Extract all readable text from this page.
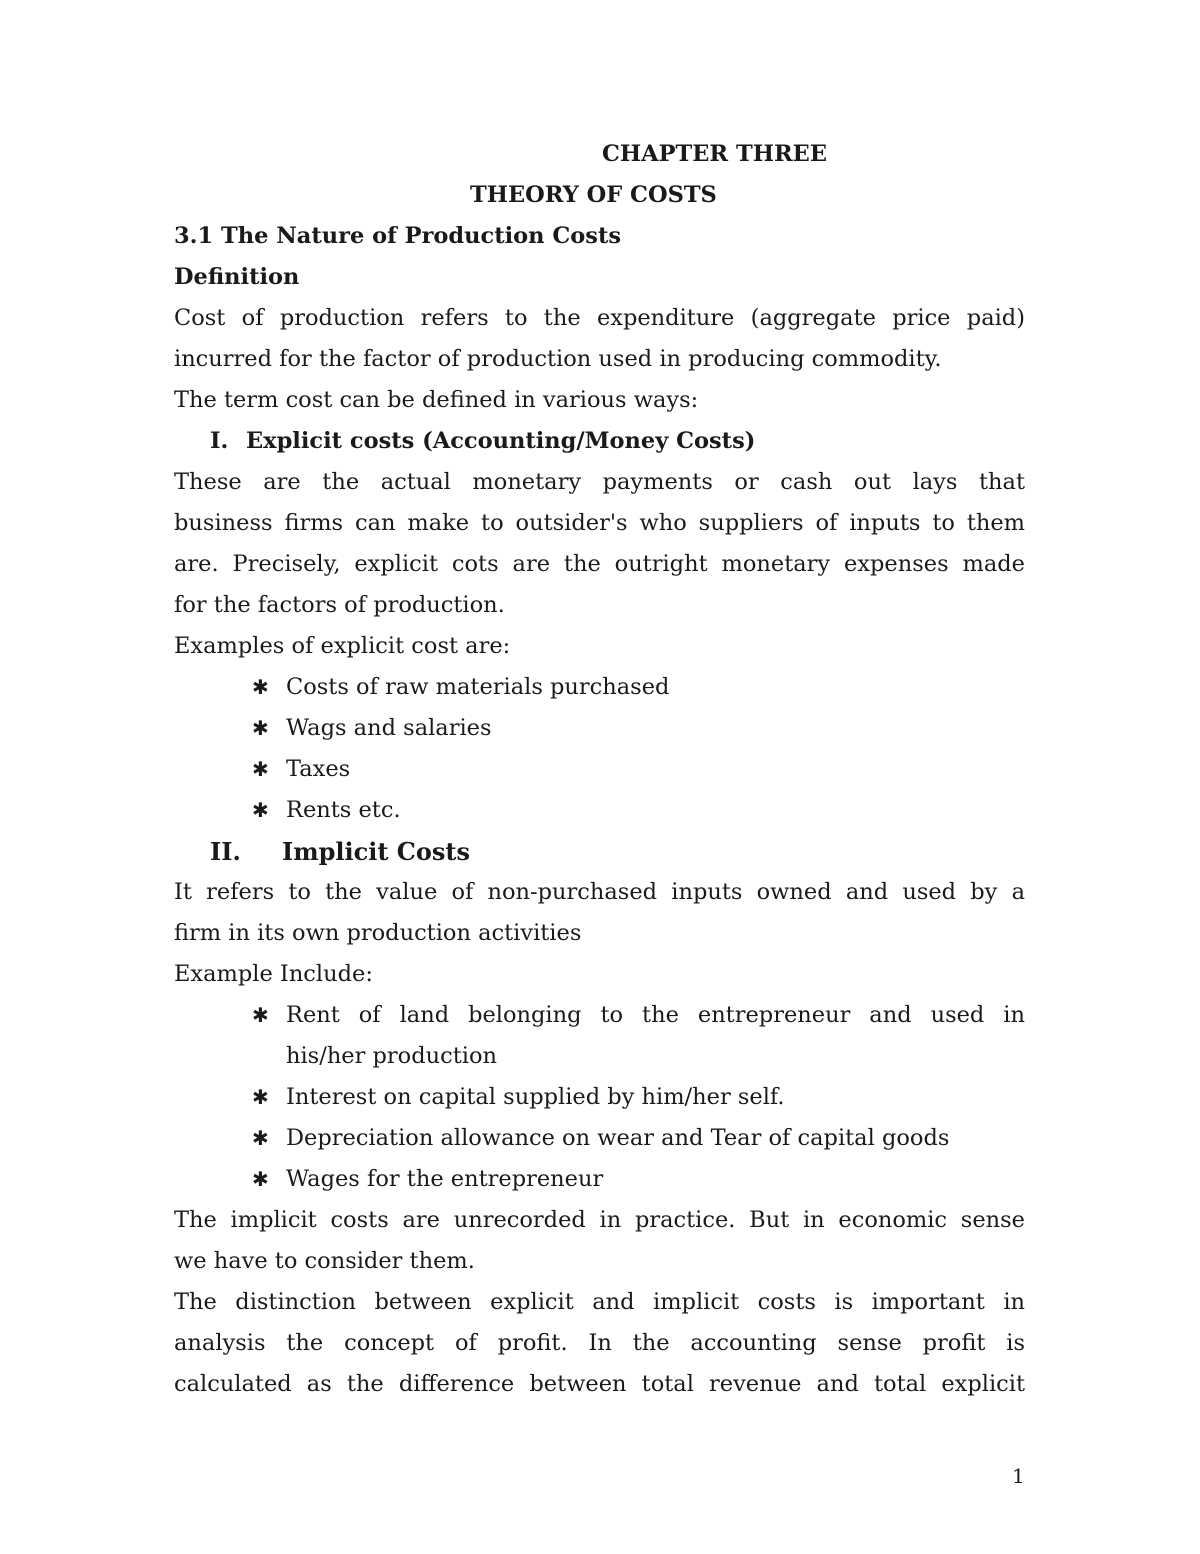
CHAPTER THREE

THEORY OF COSTS

3.1 The Nature of Production Costs

Definition

Cost of production refers to the expenditure (aggregate price paid)

incurred for the factor of production used in producing commodity.

The term cost can be defined in various ways:

I. Explicit costs (Accounting/Money Costs)

These are the actual monetary payments or cash out lays that

business firms can make to outsider's who suppliers of inputs to them

are. Precisely, explicit cots are the outright monetary expenses made

for the factors of production.

Examples of explicit cost are:

✱ Costs of raw materials purchased
✱ Wags and salaries
✱ Taxes
✱ Rents etc.
II. Implicit Costs

It refers to the value of non-purchased inputs owned and used by a

firm in its own production activities

Example Include:

✱ Rent of land belonging to the entrepreneur and used in
his/her production
✱ Interest on capital supplied by him/her self.
✱ Depreciation allowance on wear and Tear of capital goods
✱ Wages for the entrepreneur

The implicit costs are unrecorded in practice. But in economic sense

we have to consider them.

The distinction between explicit and implicit costs is important in

analysis the concept of profit. In the accounting sense profit is

calculated as the difference between total revenue and total explicit

1
